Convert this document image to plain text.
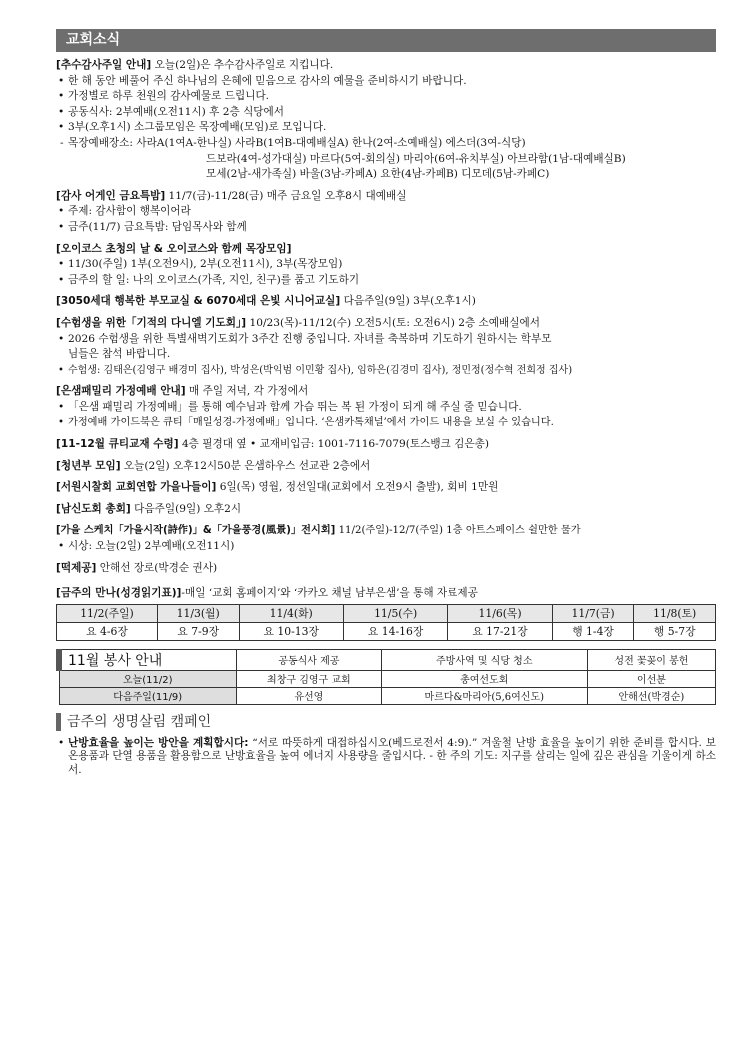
교회소식
[추수감사주일 안내] 오늘(2일)은 추수감사주일로 지킵니다.
• 한 해 동안 베풀어 주신 하나님의 은혜에 믿음으로 감사의 예물을 준비하시기 바랍니다.
• 가정별로 하루 천원의 감사예물로 드립니다.
• 공동식사: 2부예배(오전11시) 후 2층 식당에서
• 3부(오후1시) 소그룹모임은 목장예배(모임)로 모입니다.
- 목장예배장소: 사라A(1여A-한나실) 사라B(1여B-대예배실A) 한나(2여-소예배실) 에스더(3여-식당)
드보라(4여-성가대실) 마르다(5여-회의실) 마리아(6여-유치부실) 아브라함(1남-대예배실B)
모세(2남-새가족실) 바울(3남-카페A) 요한(4남-카페B) 디모데(5남-카페C)
[감사 어게인 금요특밤] 11/7(금)-11/28(금) 매주 금요일 오후8시 대예배실
• 주제: 감사함이 행복이어라
• 금주(11/7) 금요특밤: 담임목사와 함께
[오이코스 초청의 날 & 오이코스와 함께 목장모임]
• 11/30(주일) 1부(오전9시), 2부(오전11시), 3부(목장모임)
• 금주의 할 일: 나의 오이코스(가족, 지인, 친구)를 품고 기도하기
[3050세대 행복한 부모교실 & 6070세대 은빛 시니어교실] 다음주일(9일) 3부(오후1시)
[수험생을 위한「기적의 다니엘 기도회」] 10/23(목)-11/12(수) 오전5시(토: 오전6시) 2층 소예배실에서
• 2026 수험생을 위한 특별새벽기도회가 3주간 진행 중입니다. 자녀를 축복하며 기도하기 원하시는 학부모
님들은 참석 바랍니다.
• 수험생: 김태은(김영구 배경미 집사), 박성은(박익범 이민황 집사), 임하은(김경미 집사), 정민정(정수혁 전희정 집사)
[은샘패밀리 가정예배 안내] 매 주일 저녁, 각 가정에서
• 「은샘 패밀리 가정예배」를 통해 예수님과 함께 가슴 뛰는 복 된 가정이 되게 해 주실 줄 믿습니다.
• 가정예배 가이드북은 큐티「매일성경-가정예배」입니다. ‘은샘카톡채널’에서 가이드 내용을 보실 수 있습니다.
[11-12월 큐티교재 수령] 4층 필경대 옆 • 교재비입금: 1001-7116-7079(토스뱅크 김은총)
[청년부 모임] 오늘(2일) 오후12시50분 은샘하우스 선교관 2층에서
[서원시찰회 교회연합 가을나들이] 6일(목) 영월, 정선일대(교회에서 오전9시 출발), 회비 1만원
[남신도회 총회] 다음주일(9일) 오후2시
[가을 스케치「가을시작(詩作)」&「가을풍경(風景)」전시회] 11/2(주일)-12/7(주일) 1층 아트스페이스 쉴만한 물가
• 시상: 오늘(2일) 2부예배(오전11시)
[떡제공] 안해선 장로(박경순 권사)
[금주의 만나(성경읽기표)]-매일 ‘교회 홈페이지’와 ‘카카오 채널 남부은샘’을 통해 자료제공
11/2(주일)	11/3(월)	11/4(화)	11/5(수)	11/6(목)	11/7(금)	11/8(토)
요 4-6장	요 7-9장	요 10-13장	요 14-16장	요 17-21장	행 1-4장	행 5-7장
11월 봉사 안내	공동식사 제공	주방사역 및 식당 청소	성전 꽃꽂이 봉헌
오늘(11/2)	최창구 김영구 교회	총여선도회	이선분
다음주일(11/9)	유선영	마르다&마리아(5,6여신도)	안해선(박경순)
금주의 생명살림 캠페인
• 난방효율을 높이는 방안을 계획합시다: “서로 따뜻하게 대접하십시오(베드로전서 4:9).” 겨울철 난방 효율을 높이기 위한 준비를 합시다. 보온용품과 단열 용품을 활용함으로 난방효율을 높여 에너지 사용량을 줄입시다. - 한 주의 기도: 지구를 살리는 일에 깊은 관심을 기울이게 하소서.
